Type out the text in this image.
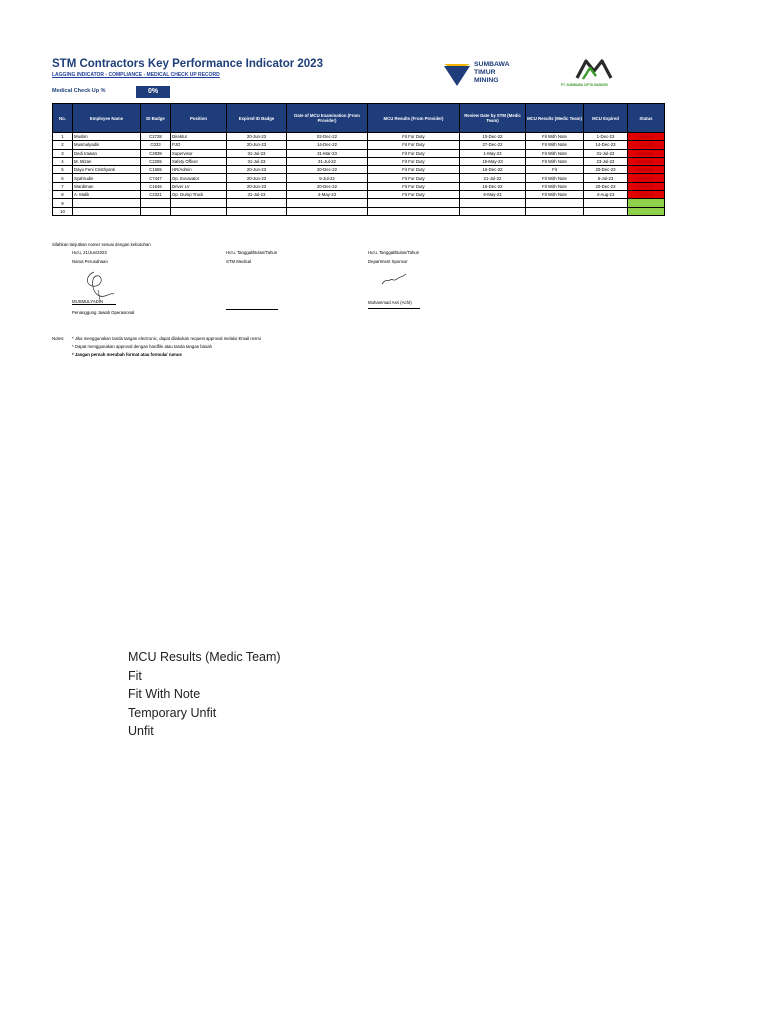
STM Contractors Key Performance Indicator 2023
LAGGING INDICATOR - COMPLIANCE - MEDICAL CHECK UP RECORD
Medical Check Up %	0%
SUMBAWA
TIMUR
MINING
PT. SUMBAWA CIPTA MANDIRI
No.	Employee Name	ID Badge	Position	Expired ID Badge	Date of MCU Examination (From Provider)	MCU Results (From Provider)	Review Date by STM (Medic Team)	MCU Results (Medic Team)	MCU Expired	Status
1	Muslim	C2728	Direktur	20-Jun-23	02-Dec-22	Fit For Duty	10-Dec-22	Fit With Note	1-Dec-23	Expired
2	Musmulyadin	C033	PJO	20-Jun-23	14-Dec-22	Fit For Duty	27-Dec-22	Fit With Note	14-Dec-23	Expired
3	Dedi Irawan	C2839	Supervisor	31-Jul-23	31-Mar-23	Fit For Duty	1-May-23	Fit With Note	31-Jul-23	Expired
4	M. Mizan	C2255	Safety Officer	31-Jul-23	31-Jul-22	Fit For Duty	15-May-23	Fit With Note	23-Jul-23	Expired
5	Dayu Feni Cristhyanti	C1655	HR/Admin	20-Jun-23	20-Dec-22	Fit For Duty	16-Dec-22	Fit	20-Dec-23	Expired
6	Syahrudin	C7447	Op. Excavator	20-Jun-23	5-Jul-22	Fit For Duty	21-Jul-22	Fit With Note	5-Jul-23	Expired
7	Wardiman	C1646	Driver LV	20-Jun-23	20-Dec-22	Fit For Duty	16-Dec-22	Fit With Note	20-Dec-23	Expired
8	A. Malik	C2321	Op. Dump Truck	31-Jul-23	4-May-23	Fit For Duty	9-May-23	Fit With Note	4-Aug-23	Expired
9										
10										
Silahkan lanjutkan nomer sesuai dengan kebutuhan
Hu'u, 21/Jun/2023
Nama Perusahaan
MUSMULYADIN
Penanggung Jawab Operasional
Hu'u, Tanggal/Bulan/Tahun
STM Medical
Hu'u, Tanggal/Bulan/Tahun
Department Sponsor
Muhammad Asri (Acht)
Notes: * Jika menggunakan tanda tangan electronic, dapat dilakukan request approval melalui Email resmi
* Dapat menggunakan approval dengan hardfile atau tanda tangan basah
* Jangan pernah merubah format atau formula/ rumus
MCU Results (Medic Team)
Fit
Fit With Note
Temporary Unfit
Unfit
